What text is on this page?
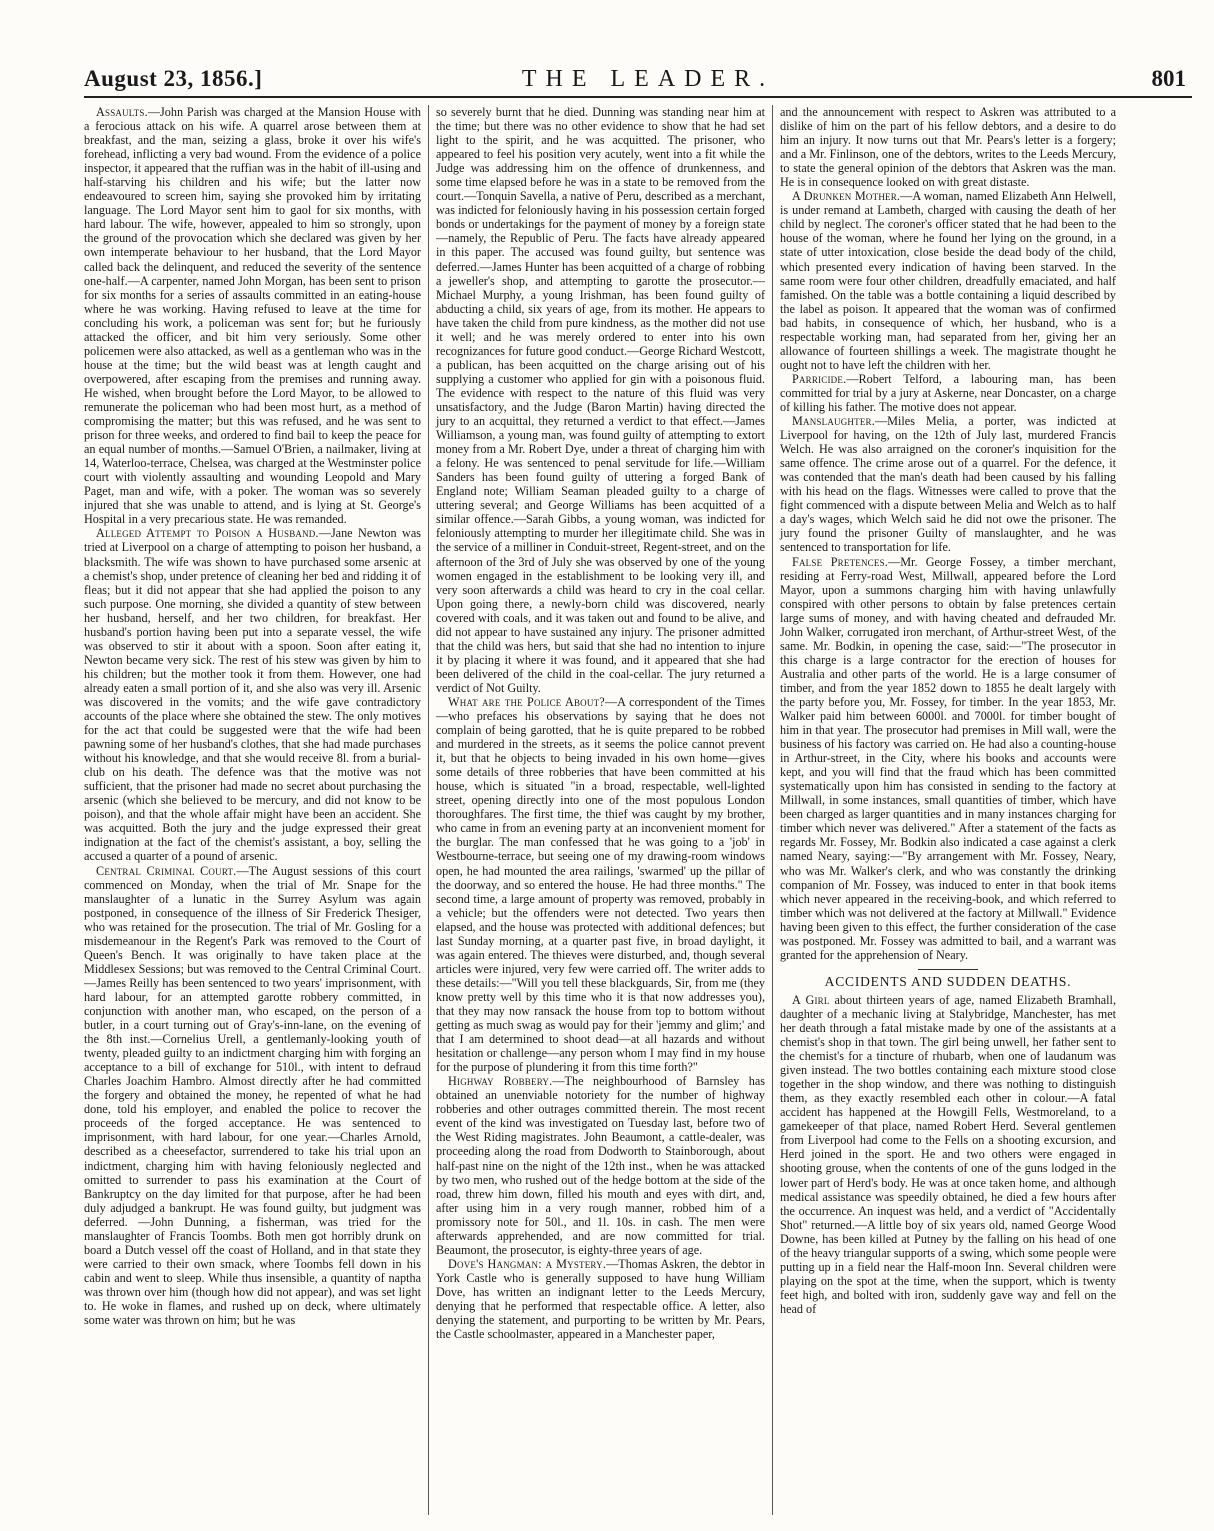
August 23, 1856.]	THE LEADER.	801

Assaults.—John Parish was charged at the Mansion House with a ferocious attack on his wife. A quarrel arose between them at breakfast, and the man, seizing a glass, broke it over his wife's forehead, inflicting a very bad wound. From the evidence of a police inspector, it appeared that the ruffian was in the habit of ill-using and half-starving his children and his wife; but the latter now endeavoured to screen him, saying she provoked him by irritating language. The Lord Mayor sent him to gaol for six months, with hard labour. The wife, however, appealed to him so strongly, upon the ground of the provocation which she declared was given by her own intemperate behaviour to her husband, that the Lord Mayor called back the delinquent, and reduced the severity of the sentence one-half.—A carpenter, named John Morgan, has been sent to prison for six months for a series of assaults committed in an eating-house where he was working. Having refused to leave at the time for concluding his work, a policeman was sent for; but he furiously attacked the officer, and bit him very seriously. Some other policemen were also attacked, as well as a gentleman who was in the house at the time; but the wild beast was at length caught and overpowered, after escaping from the premises and running away. He wished, when brought before the Lord Mayor, to be allowed to remunerate the policeman who had been most hurt, as a method of compromising the matter; but this was refused, and he was sent to prison for three weeks, and ordered to find bail to keep the peace for an equal number of months.—Samuel O'Brien, a nailmaker, living at 14, Waterloo-terrace, Chelsea, was charged at the Westminster police court with violently assaulting and wounding Leopold and Mary Paget, man and wife, with a poker. The woman was so severely injured that she was unable to attend, and is lying at St. George's Hospital in a very precarious state. He was remanded.

Alleged Attempt to Poison a Husband.—Jane Newton was tried at Liverpool on a charge of attempting to poison her husband, a blacksmith. The wife was shown to have purchased some arsenic at a chemist's shop, under pretence of cleaning her bed and ridding it of fleas; but it did not appear that she had applied the poison to any such purpose. One morning, she divided a quantity of stew between her husband, herself, and her two children, for breakfast. Her husband's portion having been put into a separate vessel, the wife was observed to stir it about with a spoon. Soon after eating it, Newton became very sick. The rest of his stew was given by him to his children; but the mother took it from them. However, one had already eaten a small portion of it, and she also was very ill. Arsenic was discovered in the vomits; and the wife gave contradictory accounts of the place where she obtained the stew. The only motives for the act that could be suggested were that the wife had been pawning some of her husband's clothes, that she had made purchases without his knowledge, and that she would receive 8l. from a burial-club on his death. The defence was that the motive was not sufficient, that the prisoner had made no secret about purchasing the arsenic (which she believed to be mercury, and did not know to be poison), and that the whole affair might have been an accident. She was acquitted. Both the jury and the judge expressed their great indignation at the fact of the chemist's assistant, a boy, selling the accused a quarter of a pound of arsenic.

Central Criminal Court.—The August sessions of this court commenced on Monday, when the trial of Mr. Snape for the manslaughter of a lunatic in the Surrey Asylum was again postponed, in consequence of the illness of Sir Frederick Thesiger, who was retained for the prosecution. The trial of Mr. Gosling for a misdemeanour in the Regent's Park was removed to the Court of Queen's Bench. It was originally to have taken place at the Middlesex Sessions; but was removed to the Central Criminal Court.—James Reilly has been sentenced to two years' imprisonment, with hard labour, for an attempted garotte robbery committed, in conjunction with another man, who escaped, on the person of a butler, in a court turning out of Gray's-inn-lane, on the evening of the 8th inst.—Cornelius Urell, a gentlemanly-looking youth of twenty, pleaded guilty to an indictment charging him with forging an acceptance to a bill of exchange for 510l., with intent to defraud Charles Joachim Hambro. Almost directly after he had committed the forgery and obtained the money, he repented of what he had done, told his employer, and enabled the police to recover the proceeds of the forged acceptance. He was sentenced to imprisonment, with hard labour, for one year.—Charles Arnold, described as a cheesefactor, surrendered to take his trial upon an indictment, charging him with having feloniously neglected and omitted to surrender to pass his examination at the Court of Bankruptcy on the day limited for that purpose, after he had been duly adjudged a bankrupt. He was found guilty, but judgment was deferred. —John Dunning, a fisherman, was tried for the manslaughter of Francis Toombs. Both men got horribly drunk on board a Dutch vessel off the coast of Holland, and in that state they were carried to their own smack, where Toombs fell down in his cabin and went to sleep. While thus insensible, a quantity of naptha was thrown over him (though how did not appear), and was set light to. He woke in flames, and rushed up on deck, where ultimately some water was thrown on him; but he was

so severely burnt that he died. Dunning was standing near him at the time; but there was no other evidence to show that he had set light to the spirit, and he was acquitted. The prisoner, who appeared to feel his position very acutely, went into a fit while the Judge was addressing him on the offence of drunkenness, and some time elapsed before he was in a state to be removed from the court.—Tonquin Savella, a native of Peru, described as a merchant, was indicted for feloniously having in his possession certain forged bonds or undertakings for the payment of money by a foreign state—namely, the Republic of Peru. The facts have already appeared in this paper. The accused was found guilty, but sentence was deferred.—James Hunter has been acquitted of a charge of robbing a jeweller's shop, and attempting to garotte the prosecutor.—Michael Murphy, a young Irishman, has been found guilty of abducting a child, six years of age, from its mother. He appears to have taken the child from pure kindness, as the mother did not use it well; and he was merely ordered to enter into his own recognizances for future good conduct.—George Richard Westcott, a publican, has been acquitted on the charge arising out of his supplying a customer who applied for gin with a poisonous fluid. The evidence with respect to the nature of this fluid was very unsatisfactory, and the Judge (Baron Martin) having directed the jury to an acquittal, they returned a verdict to that effect.—James Williamson, a young man, was found guilty of attempting to extort money from a Mr. Robert Dye, under a threat of charging him with a felony. He was sentenced to penal servitude for life.—William Sanders has been found guilty of uttering a forged Bank of England note; William Seaman pleaded guilty to a charge of uttering several; and George Williams has been acquitted of a similar offence.—Sarah Gibbs, a young woman, was indicted for feloniously attempting to murder her illegitimate child. She was in the service of a milliner in Conduit-street, Regent-street, and on the afternoon of the 3rd of July she was observed by one of the young women engaged in the establishment to be looking very ill, and very soon afterwards a child was heard to cry in the coal cellar. Upon going there, a newly-born child was discovered, nearly covered with coals, and it was taken out and found to be alive, and did not appear to have sustained any injury. The prisoner admitted that the child was hers, but said that she had no intention to injure it by placing it where it was found, and it appeared that she had been delivered of the child in the coal-cellar. The jury returned a verdict of Not Guilty.

What are the Police About?—A correspondent of the Times—who prefaces his observations by saying that he does not complain of being garotted, that he is quite prepared to be robbed and murdered in the streets, as it seems the police cannot prevent it, but that he objects to being invaded in his own home—gives some details of three robberies that have been committed at his house, which is situated "in a broad, respectable, well-lighted street, opening directly into one of the most populous London thoroughfares. The first time, the thief was caught by my brother, who came in from an evening party at an inconvenient moment for the burglar. The man confessed that he was going to a 'job' in Westbourne-terrace, but seeing one of my drawing-room windows open, he had mounted the area railings, 'swarmed' up the pillar of the doorway, and so entered the house. He had three months." The second time, a large amount of property was removed, probably in a vehicle; but the offenders were not detected. Two years then elapsed, and the house was protected with additional defences; but last Sunday morning, at a quarter past five, in broad daylight, it was again entered. The thieves were disturbed, and, though several articles were injured, very few were carried off. The writer adds to these details:—"Will you tell these blackguards, Sir, from me (they know pretty well by this time who it is that now addresses you), that they may now ransack the house from top to bottom without getting as much swag as would pay for their 'jemmy and glim;' and that I am determined to shoot dead—at all hazards and without hesitation or challenge—any person whom I may find in my house for the purpose of plundering it from this time forth?"

Highway Robbery.—The neighbourhood of Barnsley has obtained an unenviable notoriety for the number of highway robberies and other outrages committed therein. The most recent event of the kind was investigated on Tuesday last, before two of the West Riding magistrates. John Beaumont, a cattle-dealer, was proceeding along the road from Dodworth to Stainborough, about half-past nine on the night of the 12th inst., when he was attacked by two men, who rushed out of the hedge bottom at the side of the road, threw him down, filled his mouth and eyes with dirt, and, after using him in a very rough manner, robbed him of a promissory note for 50l., and 1l. 10s. in cash. The men were afterwards apprehended, and are now committed for trial. Beaumont, the prosecutor, is eighty-three years of age.

Dove's Hangman: a Mystery.—Thomas Askren, the debtor in York Castle who is generally supposed to have hung William Dove, has written an indignant letter to the Leeds Mercury, denying that he performed that respectable office. A letter, also denying the statement, and purporting to be written by Mr. Pears, the Castle schoolmaster, appeared in a Manchester paper,

and the announcement with respect to Askren was attributed to a dislike of him on the part of his fellow debtors, and a desire to do him an injury. It now turns out that Mr. Pears's letter is a forgery; and a Mr. Finlinson, one of the debtors, writes to the Leeds Mercury, to state the general opinion of the debtors that Askren was the man. He is in consequence looked on with great distaste.

A Drunken Mother.—A woman, named Elizabeth Ann Helwell, is under remand at Lambeth, charged with causing the death of her child by neglect. The coroner's officer stated that he had been to the house of the woman, where he found her lying on the ground, in a state of utter intoxication, close beside the dead body of the child, which presented every indication of having been starved. In the same room were four other children, dreadfully emaciated, and half famished. On the table was a bottle containing a liquid described by the label as poison. It appeared that the woman was of confirmed bad habits, in consequence of which, her husband, who is a respectable working man, had separated from her, giving her an allowance of fourteen shillings a week. The magistrate thought he ought not to have left the children with her.

Parricide.—Robert Telford, a labouring man, has been committed for trial by a jury at Askerne, near Doncaster, on a charge of killing his father. The motive does not appear.

Manslaughter.—Miles Melia, a porter, was indicted at Liverpool for having, on the 12th of July last, murdered Francis Welch. He was also arraigned on the coroner's inquisition for the same offence. The crime arose out of a quarrel. For the defence, it was contended that the man's death had been caused by his falling with his head on the flags. Witnesses were called to prove that the fight commenced with a dispute between Melia and Welch as to half a day's wages, which Welch said he did not owe the prisoner. The jury found the prisoner Guilty of manslaughter, and he was sentenced to transportation for life.

False Pretences.—Mr. George Fossey, a timber merchant, residing at Ferry-road West, Millwall, appeared before the Lord Mayor, upon a summons charging him with having unlawfully conspired with other persons to obtain by false pretences certain large sums of money, and with having cheated and defrauded Mr. John Walker, corrugated iron merchant, of Arthur-street West, of the same. Mr. Bodkin, in opening the case, said:—"The prosecutor in this charge is a large contractor for the erection of houses for Australia and other parts of the world. He is a large consumer of timber, and from the year 1852 down to 1855 he dealt largely with the party before you, Mr. Fossey, for timber. In the year 1853, Mr. Walker paid him between 6000l. and 7000l. for timber bought of him in that year. The prosecutor had premises in Mill wall, were the business of his factory was carried on. He had also a counting-house in Arthur-street, in the City, where his books and accounts were kept, and you will find that the fraud which has been committed systematically upon him has consisted in sending to the factory at Millwall, in some instances, small quantities of timber, which have been charged as larger quantities and in many instances charging for timber which never was delivered." After a statement of the facts as regards Mr. Fossey, Mr. Bodkin also indicated a case against a clerk named Neary, saying:—"By arrangement with Mr. Fossey, Neary, who was Mr. Walker's clerk, and who was constantly the drinking companion of Mr. Fossey, was induced to enter in that book items which never appeared in the receiving-book, and which referred to timber which was not delivered at the factory at Millwall." Evidence having been given to this effect, the further consideration of the case was postponed. Mr. Fossey was admitted to bail, and a warrant was granted for the apprehension of Neary.

ACCIDENTS AND SUDDEN DEATHS.

A Girl about thirteen years of age, named Elizabeth Bramhall, daughter of a mechanic living at Stalybridge, Manchester, has met her death through a fatal mistake made by one of the assistants at a chemist's shop in that town. The girl being unwell, her father sent to the chemist's for a tincture of rhubarb, when one of laudanum was given instead. The two bottles containing each mixture stood close together in the shop window, and there was nothing to distinguish them, as they exactly resembled each other in colour.—A fatal accident has happened at the Howgill Fells, Westmoreland, to a gamekeeper of that place, named Robert Herd. Several gentlemen from Liverpool had come to the Fells on a shooting excursion, and Herd joined in the sport. He and two others were engaged in shooting grouse, when the contents of one of the guns lodged in the lower part of Herd's body. He was at once taken home, and although medical assistance was speedily obtained, he died a few hours after the occurrence. An inquest was held, and a verdict of "Accidentally Shot" returned.—A little boy of six years old, named George Wood Downe, has been killed at Putney by the falling on his head of one of the heavy triangular supports of a swing, which some people were putting up in a field near the Half-moon Inn. Several children were playing on the spot at the time, when the support, which is twenty feet high, and bolted with iron, suddenly gave way and fell on the head of
